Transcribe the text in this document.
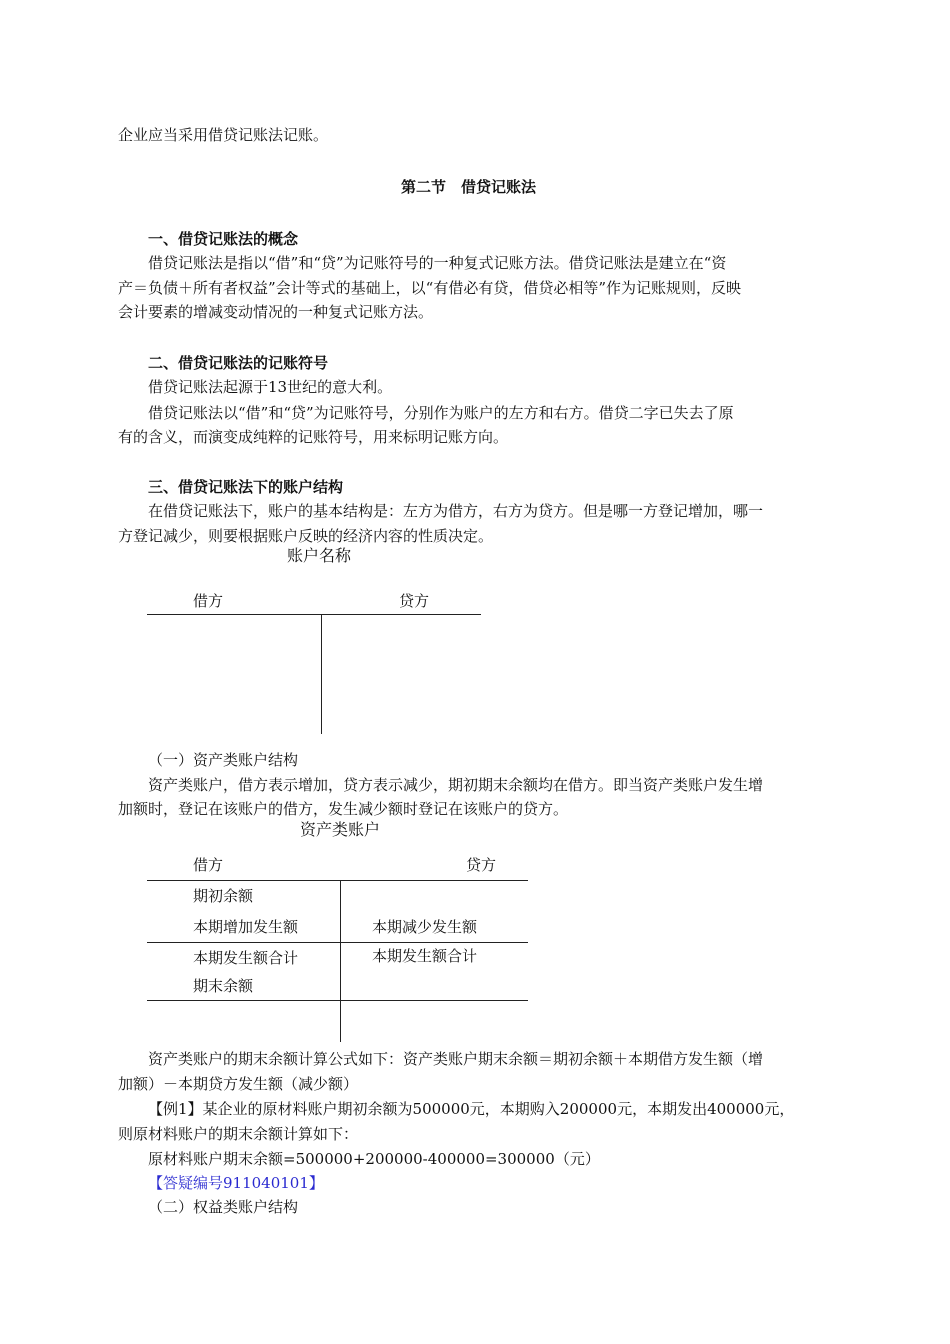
企业应当采用借贷记账法记账。
第二节　借贷记账法
一、借贷记账法的概念
借贷记账法是指以“借”和“贷”为记账符号的一种复式记账方法。借贷记账法是建立在“资
产＝负债＋所有者权益”会计等式的基础上，以“有借必有贷，借贷必相等”作为记账规则，反映
会计要素的增减变动情况的一种复式记账方法。
二、借贷记账法的记账符号
借贷记账法起源于13世纪的意大利。
借贷记账法以“借”和“贷”为记账符号，分别作为账户的左方和右方。借贷二字已失去了原
有的含义，而演变成纯粹的记账符号，用来标明记账方向。
三、借贷记账法下的账户结构
在借贷记账法下，账户的基本结构是：左方为借方，右方为贷方。但是哪一方登记增加，哪一
方登记减少，则要根据账户反映的经济内容的性质决定。
账户名称
借方	贷方
（一）资产类账户结构
资产类账户，借方表示增加，贷方表示减少，期初期末余额均在借方。即当资产类账户发生增
加额时，登记在该账户的借方，发生减少额时登记在该账户的贷方。
资产类账户
借方	贷方
期初余额
本期增加发生额	本期减少发生额
本期发生额合计	本期发生额合计
期末余额
资产类账户的期末余额计算公式如下：资产类账户期末余额＝期初余额＋本期借方发生额（增
加额）－本期贷方发生额（减少额）
【例1】某企业的原材料账户期初余额为500000元，本期购入200000元，本期发出400000元，
则原材料账户的期末余额计算如下：
原材料账户期末余额=500000+200000-400000=300000（元）
【答疑编号911040101】
（二）权益类账户结构
